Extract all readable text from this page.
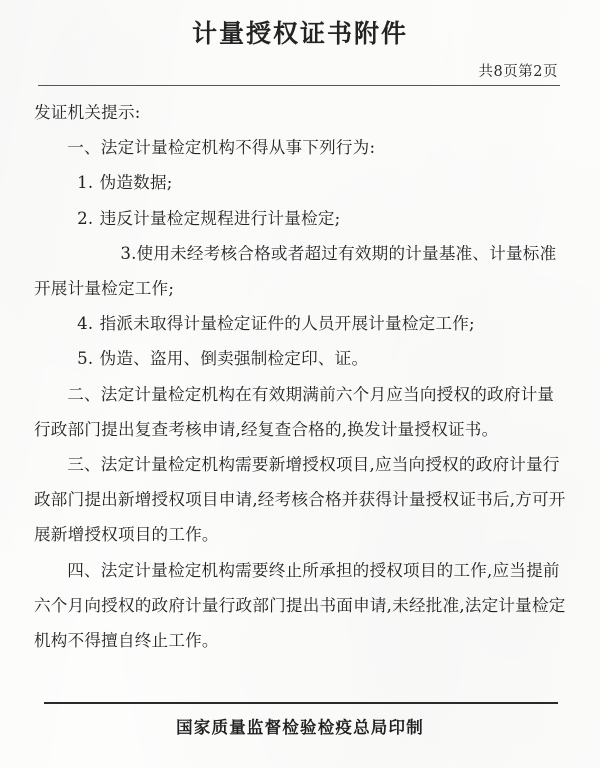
计量授权证书附件
共8页第2页

发证机关提示:

一、法定计量检定机构不得从事下列行为:

1. 伪造数据;

2. 违反计量检定规程进行计量检定;

3.使用未经考核合格或者超过有效期的计量基准、计量标准开展计量检定工作;

4. 指派未取得计量检定证件的人员开展计量检定工作;

5. 伪造、盗用、倒卖强制检定印、证。

二、法定计量检定机构在有效期满前六个月应当向授权的政府计量行政部门提出复查考核申请,经复查合格的,换发计量授权证书。

三、法定计量检定机构需要新增授权项目,应当向授权的政府计量行政部门提出新增授权项目申请,经考核合格并获得计量授权证书后,方可开展新增授权项目的工作。

四、法定计量检定机构需要终止所承担的授权项目的工作,应当提前六个月向授权的政府计量行政部门提出书面申请,未经批准,法定计量检定机构不得擅自终止工作。

国家质量监督检验检疫总局印制
